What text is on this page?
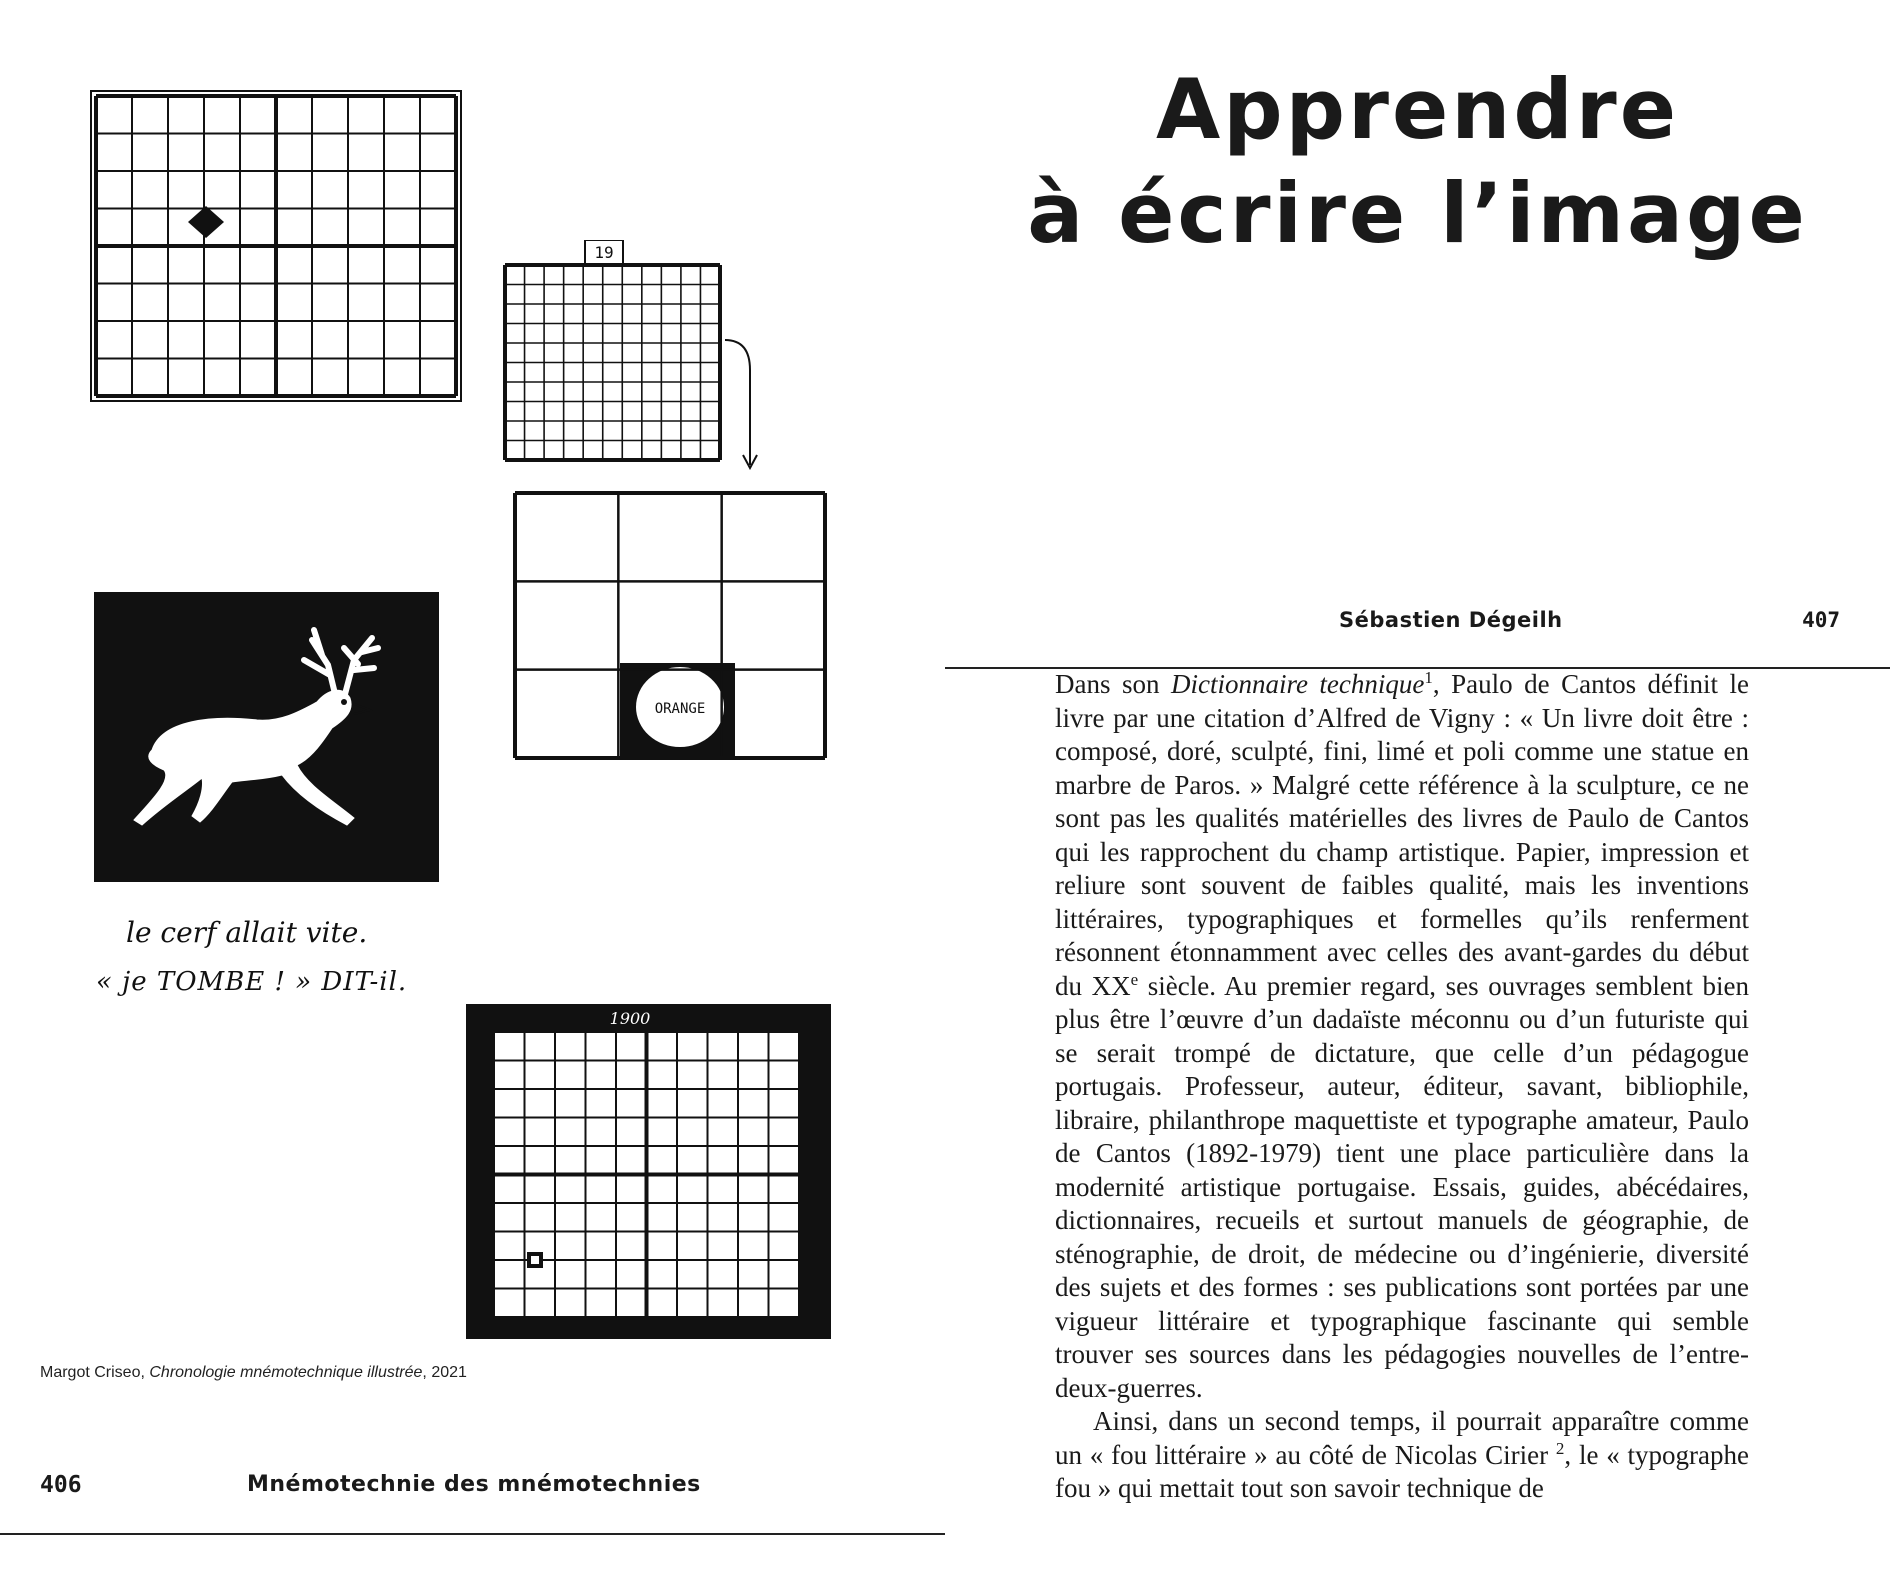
19
ORANGE
le cerf allait vite.
« je TOMBE ! » DIT-il.
1900
Margot Criseo, Chronologie mnémotechnique illustrée, 2021
406	Mnémotechnie des mnémotechnies
Apprendre
à écrire l’image
Sébastien Dégeilh	407

Dans son Dictionnaire technique$^1$, Paulo de Cantos définit le livre par une citation d’Alfred de Vigny : « Un livre doit être : composé, doré, sculpté, fini, limé et poli comme une statue en marbre de Paros. » Malgré cette référence à la sculpture, ce ne sont pas les qualités matérielles des livres de Paulo de Cantos qui les rapprochent du champ artistique. Papier, impression et reliure sont souvent de faibles qualité, mais les inventions littéraires, typographiques et formelles qu’ils renferment résonnent étonnamment avec celles des avant-gardes du début du XXe siècle. Au premier regard, ses ouvrages semblent bien plus être l’œuvre d’un dadaïste méconnu ou d’un futuriste qui se serait trompé de dictature, que celle d’un pédagogue portugais. Professeur, auteur, éditeur, savant, bibliophile, libraire, philanthrope maquettiste et typographe amateur, Paulo de Cantos (1892-1979) tient une place particulière dans la modernité artistique portugaise. Essais, guides, abécédaires, dictionnaires, recueils et surtout manuels de géographie, de sténographie, de droit, de médecine ou d’ingénierie, diversité des sujets et des formes : ses publications sont portées par une vigueur littéraire et typographique fascinante qui semble trouver ses sources dans les pédagogies nouvelles de l’entre-deux-guerres.

Ainsi, dans un second temps, il pourrait apparaître comme un « fou littéraire » au côté de Nicolas Cirier $^2$, le « typographe fou » qui mettait tout son savoir technique de
